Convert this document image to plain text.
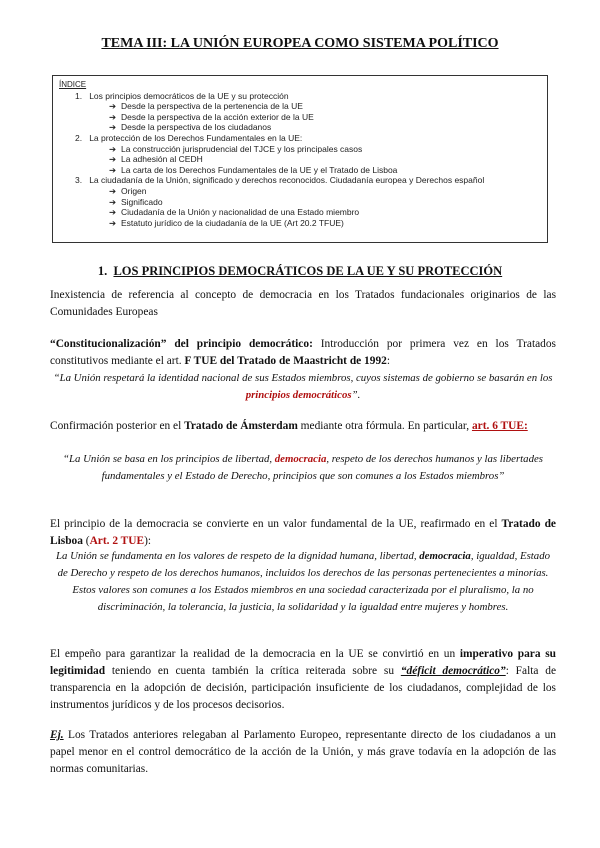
TEMA III: LA UNIÓN EUROPEA COMO SISTEMA POLÍTICO
ÍNDICE
1. Los principios democráticos de la UE y su protección
➔ Desde la perspectiva de la pertenencia de la UE
➔ Desde la perspectiva de la acción exterior de la UE
➔ Desde la perspectiva de los ciudadanos
2. La protección de los Derechos Fundamentales en la UE:
➔ La construcción jurisprudencial del TJCE y los principales casos
➔ La adhesión al CEDH
➔ La carta de los Derechos Fundamentales de la UE y el Tratado de Lisboa
3. La ciudadanía de la Unión, significado y derechos reconocidos. Ciudadanía europea y Derechos español
➔ Origen
➔ Significado
➔ Ciudadanía de la Unión y nacionalidad de una Estado miembro
➔ Estatuto jurídico de la ciudadanía de la UE (Art 20.2 TFUE)
1. LOS PRINCIPIOS DEMOCRÁTICOS DE LA UE Y SU PROTECCIÓN
Inexistencia de referencia al concepto de democracia en los Tratados fundacionales originarios de las Comunidades Europeas
“Constitucionalización” del principio democrático: Introducción por primera vez en los Tratados constitutivos mediante el art. F TUE del Tratado de Maastricht de 1992:
“La Unión respetará la identidad nacional de sus Estados miembros, cuyos sistemas de gobierno se basarán en los principios democráticos”.
Confirmación posterior en el Tratado de Ámsterdam mediante otra fórmula. En particular, art. 6 TUE:
“La Unión se basa en los principios de libertad, democracia, respeto de los derechos humanos y las libertades fundamentales y el Estado de Derecho, principios que son comunes a los Estados miembros”
El principio de la democracia se convierte en un valor fundamental de la UE, reafirmado en el Tratado de Lisboa (Art. 2 TUE):
La Unión se fundamenta en los valores de respeto de la dignidad humana, libertad, democracia, igualdad, Estado de Derecho y respeto de los derechos humanos, incluidos los derechos de las personas pertenecientes a minorías. Estos valores son comunes a los Estados miembros en una sociedad caracterizada por el pluralismo, la no discriminación, la tolerancia, la justicia, la solidaridad y la igualdad entre mujeres y hombres.
El empeño para garantizar la realidad de la democracia en la UE se convirtió en un imperativo para su legitimidad teniendo en cuenta también la crítica reiterada sobre su “déficit democrático”: Falta de transparencia en la adopción de decisión, participación insuficiente de los ciudadanos, complejidad de los instrumentos jurídicos y de los procesos decisorios.
Ej. Los Tratados anteriores relegaban al Parlamento Europeo, representante directo de los ciudadanos a un papel menor en el control democrático de la acción de la Unión, y más grave todavía en la adopción de las normas comunitarias.
